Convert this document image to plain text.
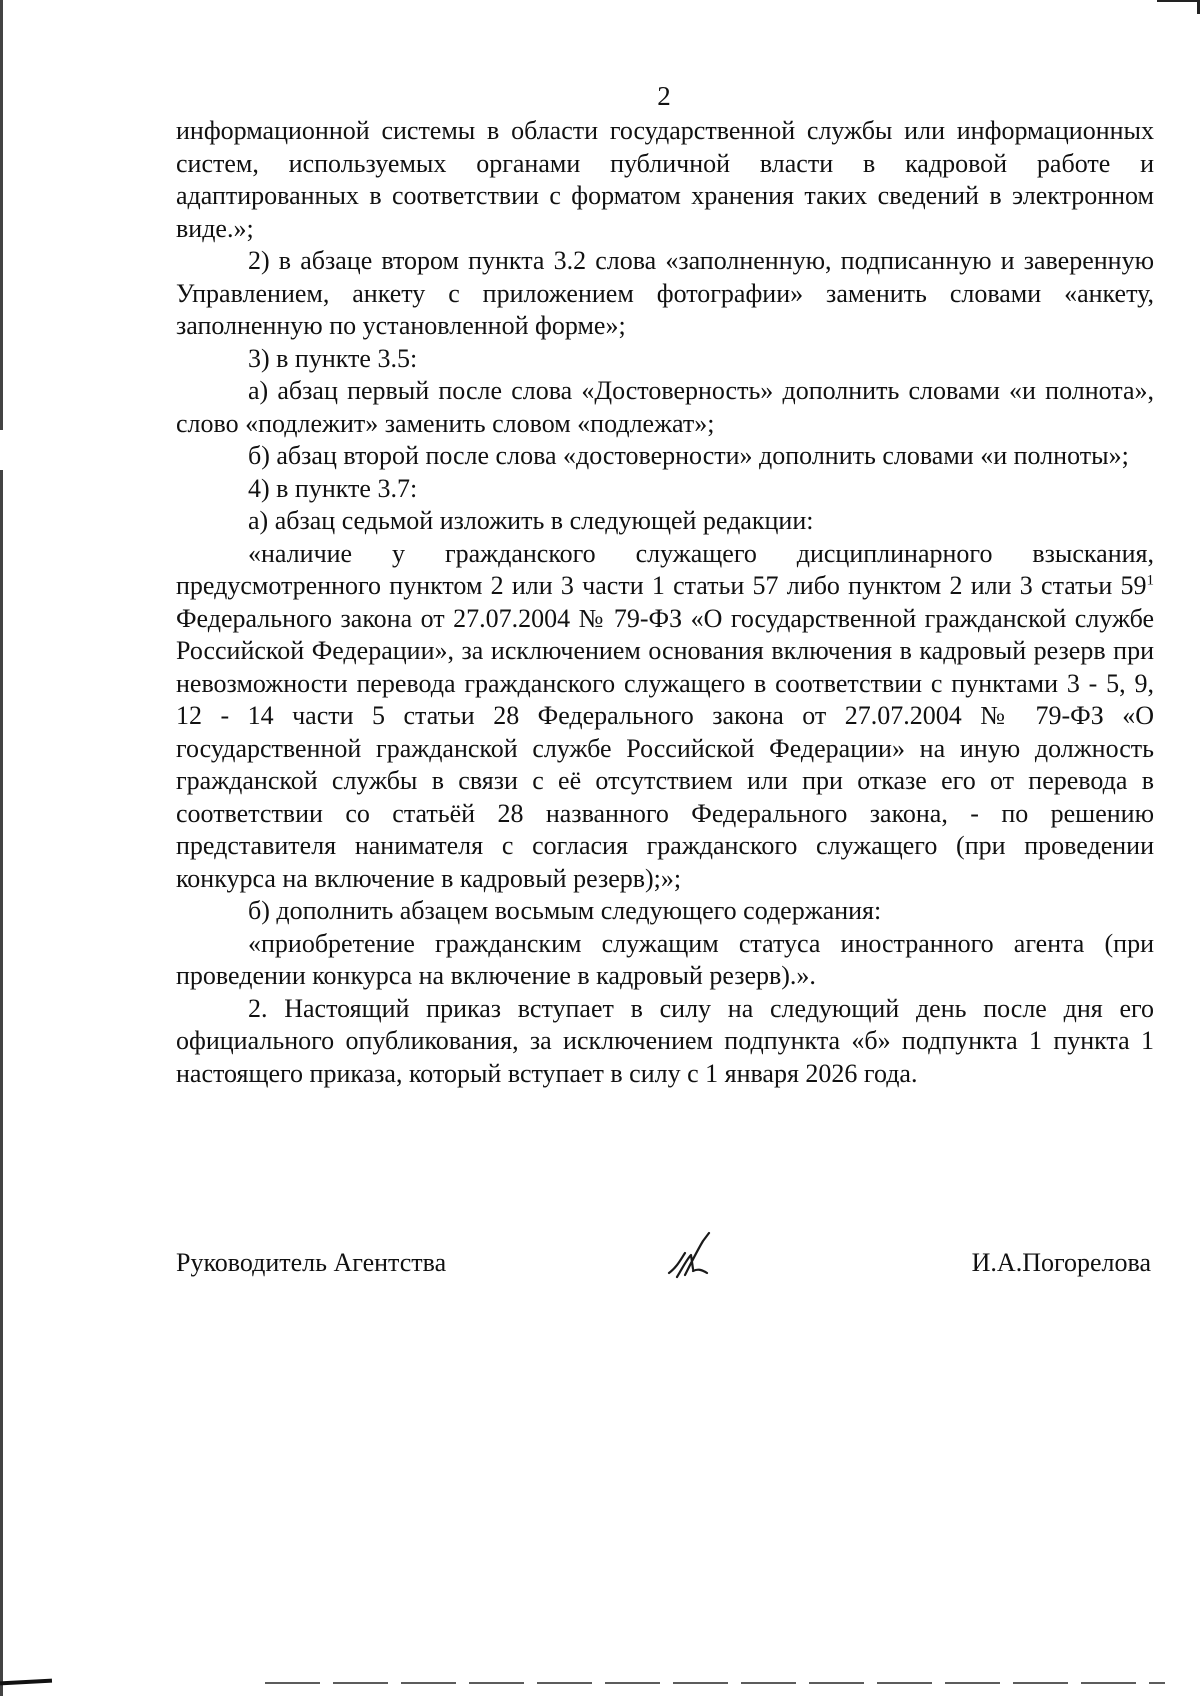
2

информационной системы в области государственной службы или информационных систем, используемых органами публичной власти в кадровой работе и адаптированных в соответствии с форматом хранения таких сведений в электронном виде.»;

2) в абзаце втором пункта 3.2 слова «заполненную, подписанную и заверенную Управлением, анкету с приложением фотографии» заменить словами «анкету, заполненную по установленной форме»;

3) в пункте 3.5:

а) абзац первый после слова «Достоверность» дополнить словами «и полнота», слово «подлежит» заменить словом «подлежат»;

б) абзац второй после слова «достоверности» дополнить словами «и полноты»;

4) в пункте 3.7:

а) абзац седьмой изложить в следующей редакции:

«наличие у гражданского служащего дисциплинарного взыскания, предусмотренного пунктом 2 или 3 части 1 статьи 57 либо пунктом 2 или 3 статьи $59^1$ Федерального закона от 27.07.2004 № 79-ФЗ «О государственной гражданской службе Российской Федерации», за исключением основания включения в кадровый резерв при невозможности перевода гражданского служащего в соответствии с пунктами 3 - 5, 9, 12 - 14 части 5 статьи 28 Федерального закона от 27.07.2004 № 79-ФЗ «О государственной гражданской службе Российской Федерации» на иную должность гражданской службы в связи с её отсутствием или при отказе его от перевода в соответствии со статьёй 28 названного Федерального закона, - по решению представителя нанимателя с согласия гражданского служащего (при проведении конкурса на включение в кадровый резерв);»;

б) дополнить абзацем восьмым следующего содержания:

«приобретение гражданским служащим статуса иностранного агента (при проведении конкурса на включение в кадровый резерв).».

2. Настоящий приказ вступает в силу на следующий день после дня его официального опубликования, за исключением подпункта «б» подпункта 1 пункта 1 настоящего приказа, который вступает в силу с 1 января 2026 года.

Руководитель Агентства	И.А.Погорелова
